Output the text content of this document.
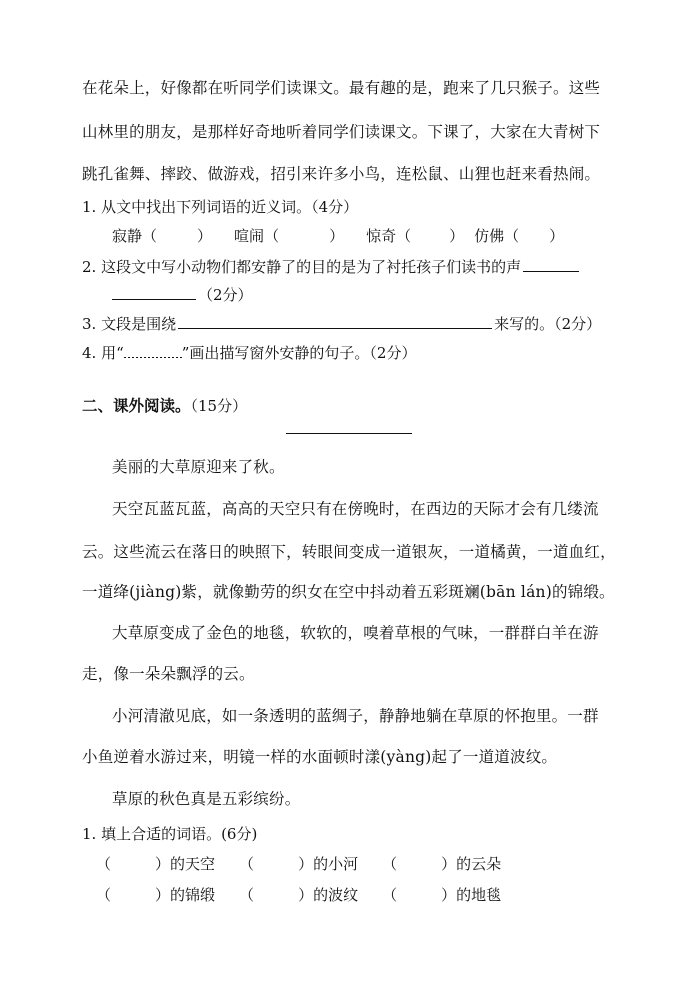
在花朵上，好像都在听同学们读课文。最有趣的是，跑来了几只猴子。这些
山林里的朋友，是那样好奇地听着同学们读课文。下课了，大家在大青树下
跳孔雀舞、摔跤、做游戏，招引来许多小鸟，连松鼠、山狸也赶来看热闹。
1. 从文中找出下列词语的近义词。（4分）
寂静（	） 喧闹（	） 惊奇（	） 仿佛（ ）
2. 这段文中写小动物们都安静了的目的是为了衬托孩子们读书的声
（2分）
3. 文段是围绕	来写的。（2分）
4. 用“	”画出描写窗外安静的句子。（2分）
二、课外阅读。（15分）
美丽的大草原迎来了秋。
天空瓦蓝瓦蓝，高高的天空只有在傍晚时，在西边的天际才会有几缕流
云。这些流云在落日的映照下，转眼间变成一道银灰，一道橘黄，一道血红，
一道绛(jiàng)紫，就像勤劳的织女在空中抖动着五彩斑斓(bān lán)的锦缎。
大草原变成了金色的地毯，软软的，嗅着草根的气味，一群群白羊在游
走，像一朵朵飘浮的云。
小河清澈见底，如一条透明的蓝绸子，静静地躺在草原的怀抱里。一群
小鱼逆着水游过来，明镜一样的水面顿时漾(yàng)起了一道道波纹。
草原的秋色真是五彩缤纷。
1. 填上合适的词语。(6分)
（	）的天空 （	）的小河 （	）的云朵
（	）的锦缎 （	）的波纹 （	）的地毯
